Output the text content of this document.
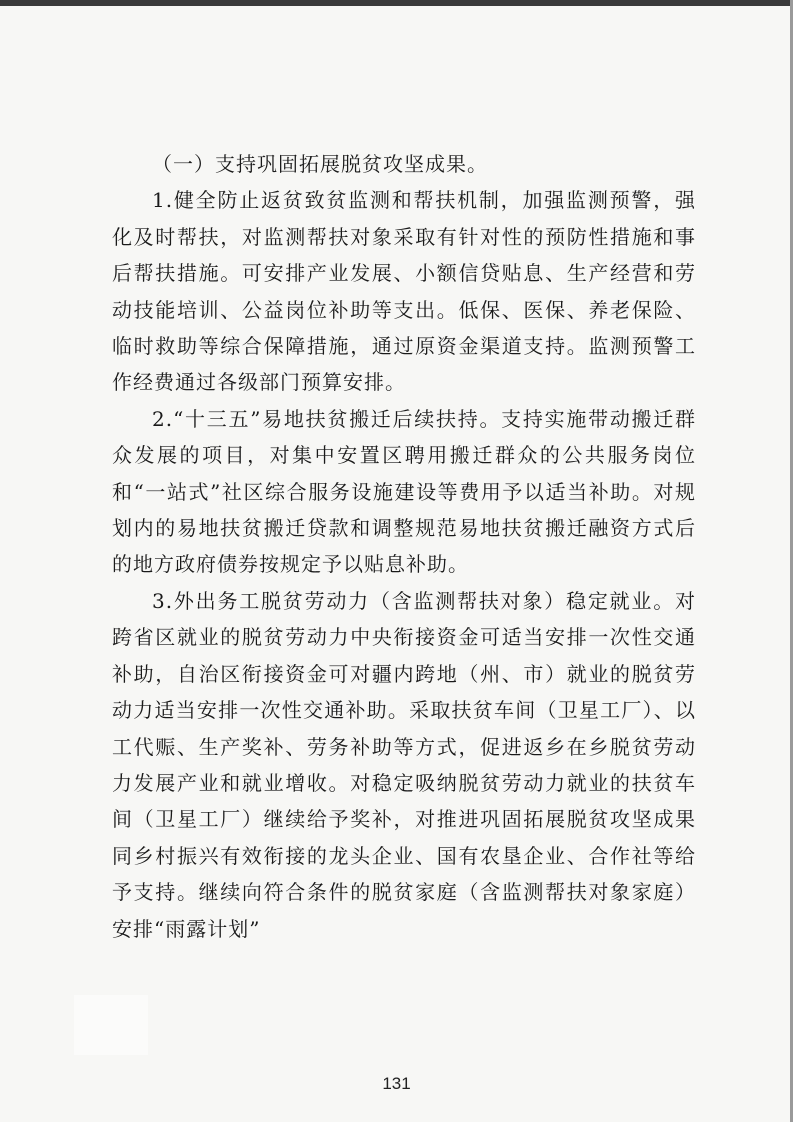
（一）支持巩固拓展脱贫攻坚成果。

1.健全防止返贫致贫监测和帮扶机制，加强监测预警，强化及时帮扶，对监测帮扶对象采取有针对性的预防性措施和事后帮扶措施。可安排产业发展、小额信贷贴息、生产经营和劳动技能培训、公益岗位补助等支出。低保、医保、养老保险、临时救助等综合保障措施，通过原资金渠道支持。监测预警工作经费通过各级部门预算安排。

2.“十三五”易地扶贫搬迁后续扶持。支持实施带动搬迁群众发展的项目，对集中安置区聘用搬迁群众的公共服务岗位和“一站式”社区综合服务设施建设等费用予以适当补助。对规划内的易地扶贫搬迁贷款和调整规范易地扶贫搬迁融资方式后的地方政府债券按规定予以贴息补助。

3.外出务工脱贫劳动力（含监测帮扶对象）稳定就业。对跨省区就业的脱贫劳动力中央衔接资金可适当安排一次性交通补助，自治区衔接资金可对疆内跨地（州、市）就业的脱贫劳动力适当安排一次性交通补助。采取扶贫车间（卫星工厂）、以工代赈、生产奖补、劳务补助等方式，促进返乡在乡脱贫劳动力发展产业和就业增收。对稳定吸纳脱贫劳动力就业的扶贫车间（卫星工厂）继续给予奖补，对推进巩固拓展脱贫攻坚成果同乡村振兴有效衔接的龙头企业、国有农垦企业、合作社等给予支持。继续向符合条件的脱贫家庭（含监测帮扶对象家庭）安排“雨露计划”

131
